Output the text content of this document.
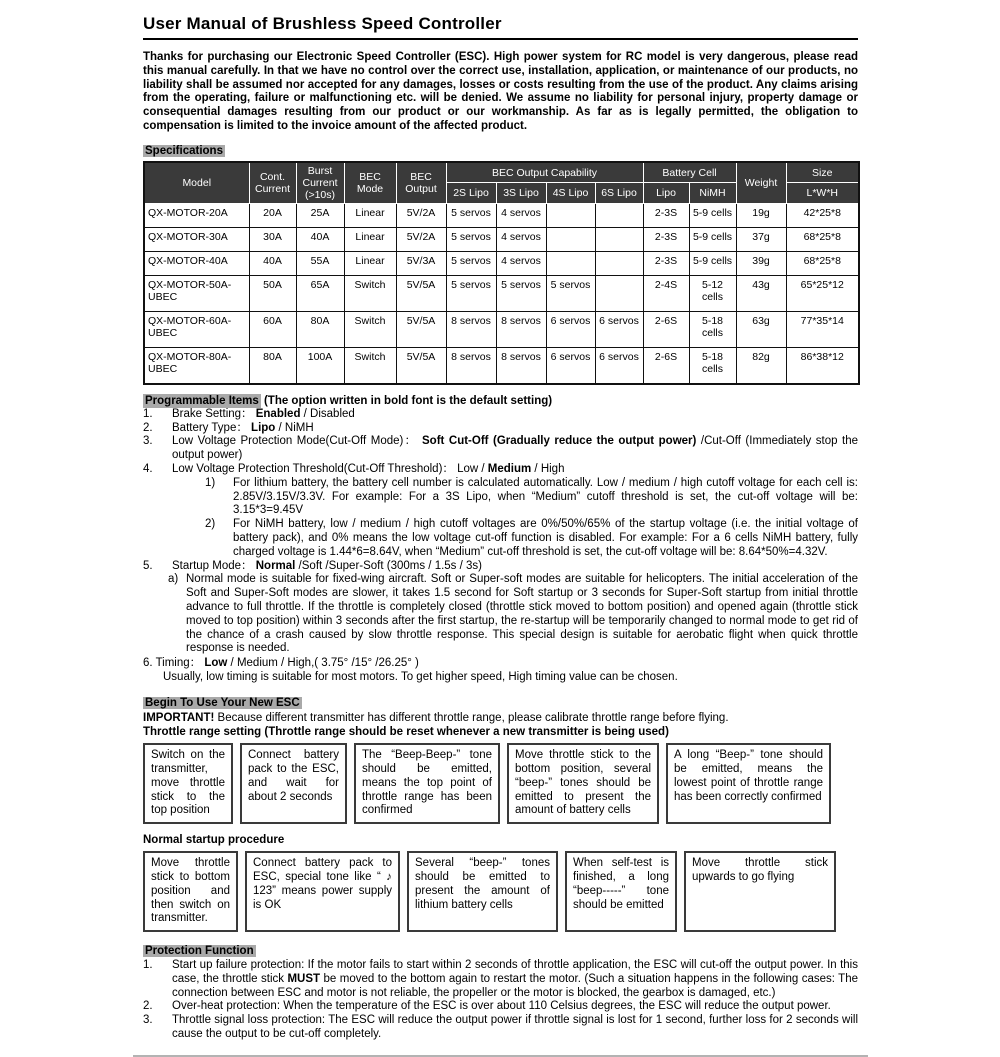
User Manual of Brushless Speed Controller

Thanks for purchasing our Electronic Speed Controller (ESC). High power system for RC model is very dangerous, please read this manual carefully. In that we have no control over the correct use, installation, application, or maintenance of our products, no liability shall be assumed nor accepted for any damages, losses or costs resulting from the use of the product. Any claims arising from the operating, failure or malfunctioning etc. will be denied. We assume no liability for personal injury, property damage or consequential damages resulting from our product or our workmanship. As far as is legally permitted, the obligation to compensation is limited to the invoice amount of the affected product.

Specifications
Model	Cont. Current	Burst Current (>10s)	BEC Mode	BEC Output	BEC Output Capability				Battery Cell		Weight	Size
					2S Lipo	3S Lipo	4S Lipo	6S Lipo	Lipo	NiMH		L*W*H
QX-MOTOR-20A	20A	25A	Linear	5V/2A	5 servos	4 servos			2-3S	5-9 cells	19g	42*25*8
QX-MOTOR-30A	30A	40A	Linear	5V/2A	5 servos	4 servos			2-3S	5-9 cells	37g	68*25*8
QX-MOTOR-40A	40A	55A	Linear	5V/3A	5 servos	4 servos			2-3S	5-9 cells	39g	68*25*8
QX-MOTOR-50A-UBEC	50A	65A	Switch	5V/5A	5 servos	5 servos	5 servos		2-4S	5-12 cells	43g	65*25*12
QX-MOTOR-60A-UBEC	60A	80A	Switch	5V/5A	8 servos	8 servos	6 servos	6 servos	2-6S	5-18 cells	63g	77*35*14
QX-MOTOR-80A-UBEC	80A	100A	Switch	5V/5A	8 servos	8 servos	6 servos	6 servos	2-6S	5-18 cells	82g	86*38*12
Programmable Items (The option written in bold font is the default setting)
1.	Brake Setting： Enabled / Disabled
2.	Battery Type： Lipo / NiMH
3.	Low Voltage Protection Mode(Cut-Off Mode)： Soft Cut-Off (Gradually reduce the output power) /Cut-Off (Immediately stop the output power)
4.	Low Voltage Protection Threshold(Cut-Off Threshold)： Low / Medium / High
1)	For lithium battery, the battery cell number is calculated automatically. Low / medium / high cutoff voltage for each cell is: 2.85V/3.15V/3.3V. For example: For a 3S Lipo, when “Medium” cutoff threshold is set, the cut-off voltage will be: 3.15*3=9.45V
2)	For NiMH battery, low / medium / high cutoff voltages are 0%/50%/65% of the startup voltage (i.e. the initial voltage of battery pack), and 0% means the low voltage cut-off function is disabled. For example: For a 6 cells NiMH battery, fully charged voltage is 1.44*6=8.64V, when “Medium” cut-off threshold is set, the cut-off voltage will be: 8.64*50%=4.32V.
5.	Startup Mode： Normal /Soft /Super-Soft (300ms / 1.5s / 3s)
a) Normal mode is suitable for fixed-wing aircraft. Soft or Super-soft modes are suitable for helicopters. The initial acceleration of the Soft and Super-Soft modes are slower, it takes 1.5 second for Soft startup or 3 seconds for Super-Soft startup from initial throttle advance to full throttle. If the throttle is completely closed (throttle stick moved to bottom position) and opened again (throttle stick moved to top position) within 3 seconds after the first startup, the re-startup will be temporarily changed to normal mode to get rid of the chance of a crash caused by slow throttle response. This special design is suitable for aerobatic flight when quick throttle response is needed.
6. Timing： Low / Medium / High,( 3.75° /15° /26.25° )
Usually, low timing is suitable for most motors. To get higher speed, High timing value can be chosen.
Begin To Use Your New ESC
IMPORTANT! Because different transmitter has different throttle range, please calibrate throttle range before flying.
Throttle range setting (Throttle range should be reset whenever a new transmitter is being used)
Switch on the transmitter, move throttle stick to the top position
Connect battery pack to the ESC, and wait for about 2 seconds
The “Beep-Beep-” tone should be emitted, means the top point of throttle range has been confirmed
Move throttle stick to the bottom position, several “beep-” tones should be emitted to present the amount of battery cells
A long “Beep-” tone should be emitted, means the lowest point of throttle range has been correctly confirmed
Normal startup procedure
Move throttle stick to bottom position and then switch on transmitter.
Connect battery pack to ESC, special tone like “ ♪ 123” means power supply is OK
Several “beep-” tones should be emitted to present the amount of lithium battery cells
When self-test is finished, a long “beep-----” tone should be emitted
Move throttle stick upwards to go flying
Protection Function
1.	Start up failure protection: If the motor fails to start within 2 seconds of throttle application, the ESC will cut-off the output power. In this case, the throttle stick MUST be moved to the bottom again to restart the motor. (Such a situation happens in the following cases: The connection between ESC and motor is not reliable, the propeller or the motor is blocked, the gearbox is damaged, etc.)
2.	Over-heat protection: When the temperature of the ESC is over about 110 Celsius degrees, the ESC will reduce the output power.
3.	Throttle signal loss protection: The ESC will reduce the output power if throttle signal is lost for 1 second, further loss for 2 seconds will cause the output to be cut-off completely.
